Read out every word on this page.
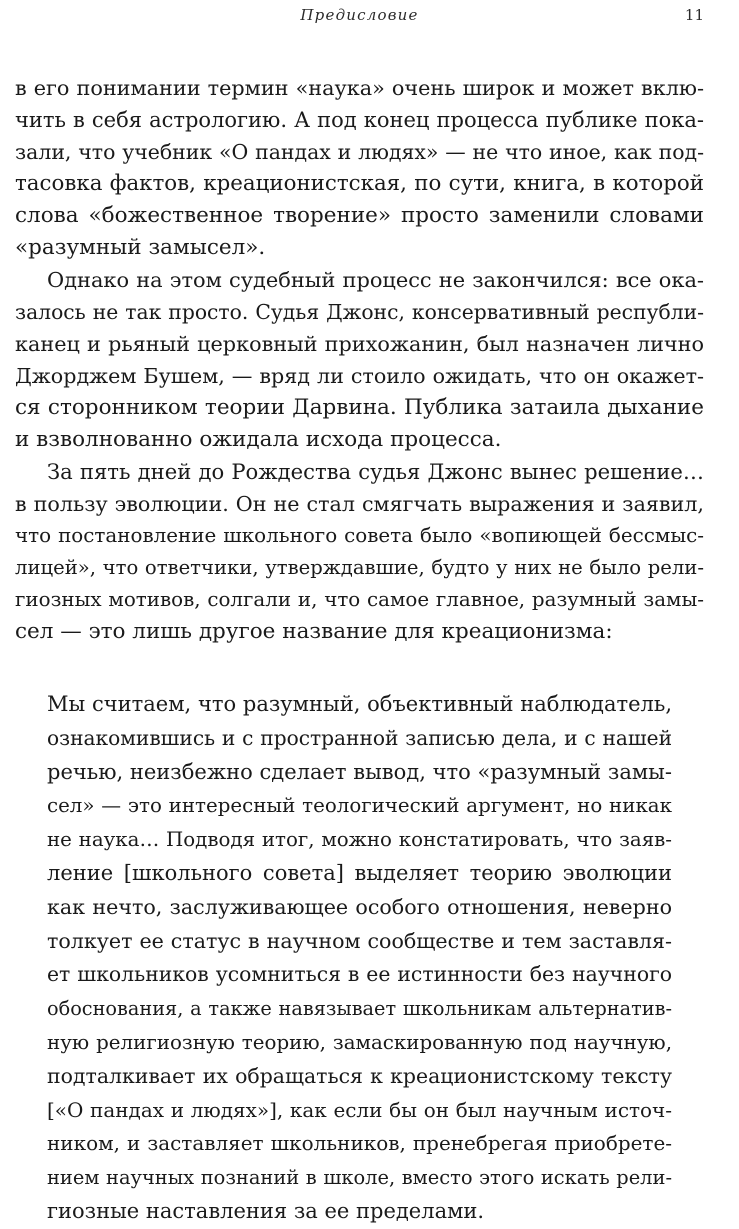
Предисловие	11
в его понимании термин «наука» очень широк и может вклю-
чить в себя астрологию. А под конец процесса публике пока-
зали, что учебник «О пандах и людях» — не что иное, как под-
тасовка фактов, креационистская, по сути, книга, в которой
слова «божественное творение» просто заменили словами
«разумный замысел».
Однако на этом судебный процесс не закончился: все ока-
залось не так просто. Судья Джонс, консервативный республи-
канец и рьяный церковный прихожанин, был назначен лично
Джорджем Бушем, — вряд ли стоило ожидать, что он окажет-
ся сторонником теории Дарвина. Публика затаила дыхание
и взволнованно ожидала исхода процесса.
За пять дней до Рождества судья Джонс вынес решение…
в пользу эволюции. Он не стал смягчать выражения и заявил,
что постановление школьного совета было «вопиющей бессмыс-
лицей», что ответчики, утверждавшие, будто у них не было рели-
гиозных мотивов, солгали и, что самое главное, разумный замы-
сел — это лишь другое название для креационизма:
Мы считаем, что разумный, объективный наблюдатель,
ознакомившись и с пространной записью дела, и с нашей
речью, неизбежно сделает вывод, что «разумный замы-
сел» — это интересный теологический аргумент, но никак
не наука… Подводя итог, можно констатировать, что заяв-
ление [школьного совета] выделяет теорию эволюции
как нечто, заслуживающее особого отношения, неверно
толкует ее статус в научном сообществе и тем заставля-
ет школьников усомниться в ее истинности без научного
обоснования, а также навязывает школьникам альтернатив-
ную религиозную теорию, замаскированную под научную,
подталкивает их обращаться к креационистскому тексту
[«О пандах и людях»], как если бы он был научным источ-
ником, и заставляет школьников, пренебрегая приобрете-
нием научных познаний в школе, вместо этого искать рели-
гиозные наставления за ее пределами.
